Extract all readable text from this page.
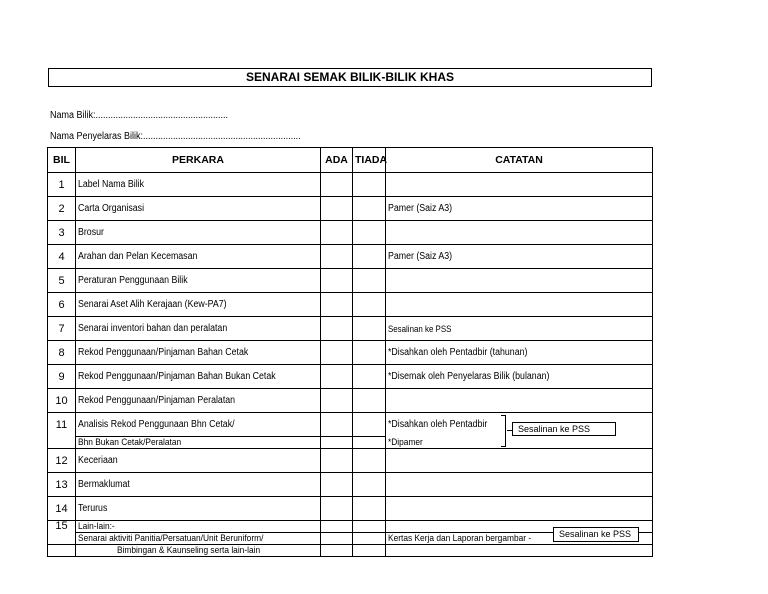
SENARAI SEMAK BILIK-BILIK KHAS
Nama Bilik:.....................................................
Nama Penyelaras Bilik:...............................................................
BIL	PERKARA	ADA	TIADA	CATATAN
1	Label Nama Bilik			
2	Carta Organisasi			Pamer (Saiz A3)
3	Brosur			
4	Arahan dan Pelan Kecemasan			Pamer (Saiz A3)
5	Peraturan Penggunaan Bilik			
6	Senarai Aset Alih Kerajaan (Kew-PA7)			
7	Senarai inventori bahan dan peralatan			Sesalinan ke PSS
8	Rekod Penggunaan/Pinjaman Bahan Cetak			*Disahkan oleh Pentadbir (tahunan)
9	Rekod Penggunaan/Pinjaman Bahan Bukan Cetak			*Disemak oleh Penyelaras Bilik (bulanan)
10	Rekod Penggunaan/Pinjaman Peralatan			
11	Analisis Rekod Penggunaan Bhn Cetak/			*Disahkan oleh Pentadbir Sesalinan ke PSS

	Bhn Bukan Cetak/Peralatan			*Dipamer
12	Keceriaan			
13	Bermaklumat			
14	Terurus			
15	Lain-lain:-			
	Senarai aktiviti Panitia/Persatuan/Unit Beruniform/			Kertas Kerja dan Laporan bergambar - Sesalinan ke PSS

	Bimbingan & Kaunseling serta lain-lain			
